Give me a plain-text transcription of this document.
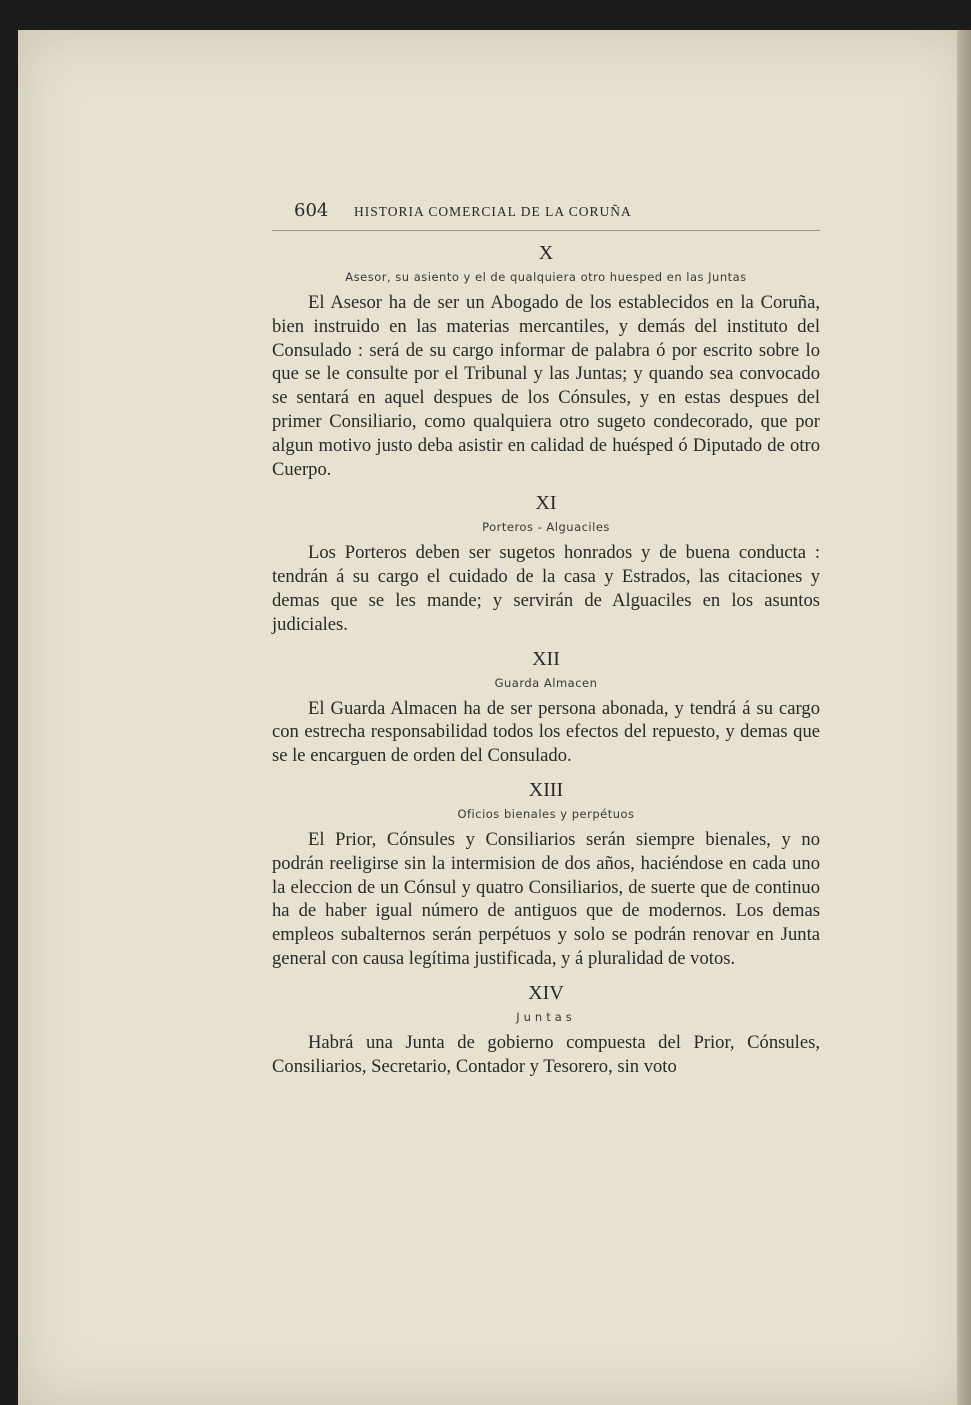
604	HISTORIA COMERCIAL DE LA CORUÑA
X
Asesor, su asiento y el de qualquiera otro huesped en las Juntas

El Asesor ha de ser un Abogado de los establecidos en la Coruña, bien instruido en las materias mercantiles, y demás del instituto del Consulado : será de su cargo informar de palabra ó por escrito sobre lo que se le consulte por el Tribunal y las Juntas; y quando sea convocado se sentará en aquel despues de los Cónsules, y en estas despues del primer Consiliario, como qualquiera otro sugeto condecorado, que por algun motivo justo deba asistir en calidad de huésped ó Diputado de otro Cuerpo.

XI
Porteros - Alguaciles

Los Porteros deben ser sugetos honrados y de buena conducta : tendrán á su cargo el cuidado de la casa y Estrados, las citaciones y demas que se les mande; y servirán de Alguaciles en los asuntos judiciales.

XII
Guarda Almacen

El Guarda Almacen ha de ser persona abonada, y tendrá á su cargo con estrecha responsabilidad todos los efectos del repuesto, y demas que se le encarguen de orden del Consulado.

XIII
Oficios bienales y perpétuos

El Prior, Cónsules y Consiliarios serán siempre bienales, y no podrán reeligirse sin la intermision de dos años, haciéndose en cada uno la eleccion de un Cónsul y quatro Consiliarios, de suerte que de continuo ha de haber igual número de antiguos que de modernos. Los demas empleos subalternos serán perpétuos y solo se podrán renovar en Junta general con causa legítima justificada, y á pluralidad de votos.

XIV
Juntas

Habrá una Junta de gobierno compuesta del Prior, Cónsules, Consiliarios, Secretario, Contador y Tesorero, sin voto
